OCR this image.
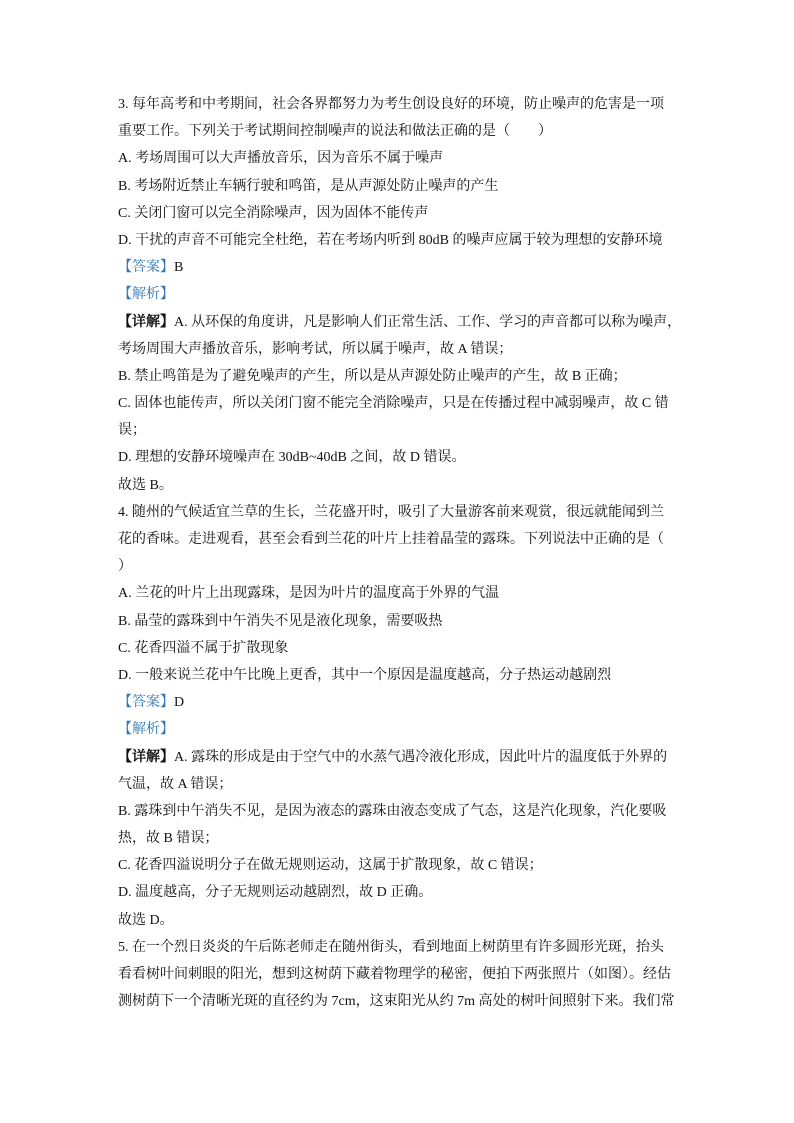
3. 每年高考和中考期间，社会各界都努力为考生创设良好的环境，防止噪声的危害是一项
重要工作。下列关于考试期间控制噪声的说法和做法正确的是（　　）
A. 考场周围可以大声播放音乐，因为音乐不属于噪声
B. 考场附近禁止车辆行驶和鸣笛，是从声源处防止噪声的产生
C. 关闭门窗可以完全消除噪声，因为固体不能传声
D. 干扰的声音不可能完全杜绝，若在考场内听到 80dB 的噪声应属于较为理想的安静环境
【答案】B
【解析】
【详解】A. 从环保的角度讲，凡是影响人们正常生活、工作、学习的声音都可以称为噪声，
考场周围大声播放音乐，影响考试，所以属于噪声，故 A 错误；
B. 禁止鸣笛是为了避免噪声的产生，所以是从声源处防止噪声的产生，故 B 正确；
C. 固体也能传声，所以关闭门窗不能完全消除噪声，只是在传播过程中减弱噪声，故 C 错
误；
D. 理想的安静环境噪声在 30dB~40dB 之间，故 D 错误。
故选 B。
4. 随州的气候适宜兰草的生长，兰花盛开时，吸引了大量游客前来观赏，很远就能闻到兰
花的香味。走进观看，甚至会看到兰花的叶片上挂着晶莹的露珠。下列说法中正确的是（
）
A. 兰花的叶片上出现露珠，是因为叶片的温度高于外界的气温
B. 晶莹的露珠到中午消失不见是液化现象，需要吸热
C. 花香四溢不属于扩散现象
D. 一般来说兰花中午比晚上更香，其中一个原因是温度越高，分子热运动越剧烈
【答案】D
【解析】
【详解】A. 露珠的形成是由于空气中的水蒸气遇冷液化形成，因此叶片的温度低于外界的
气温，故 A 错误；
B. 露珠到中午消失不见，是因为液态的露珠由液态变成了气态，这是汽化现象，汽化要吸
热，故 B 错误；
C. 花香四溢说明分子在做无规则运动，这属于扩散现象，故 C 错误；
D. 温度越高，分子无规则运动越剧烈，故 D 正确。
故选 D。
5. 在一个烈日炎炎的午后陈老师走在随州街头，看到地面上树荫里有许多圆形光斑，抬头
看看树叶间刺眼的阳光，想到这树荫下藏着物理学的秘密，便拍下两张照片（如图）。经估
测树荫下一个清晰光斑的直径约为 7cm，这束阳光从约 7m 高处的树叶间照射下来。我们常
